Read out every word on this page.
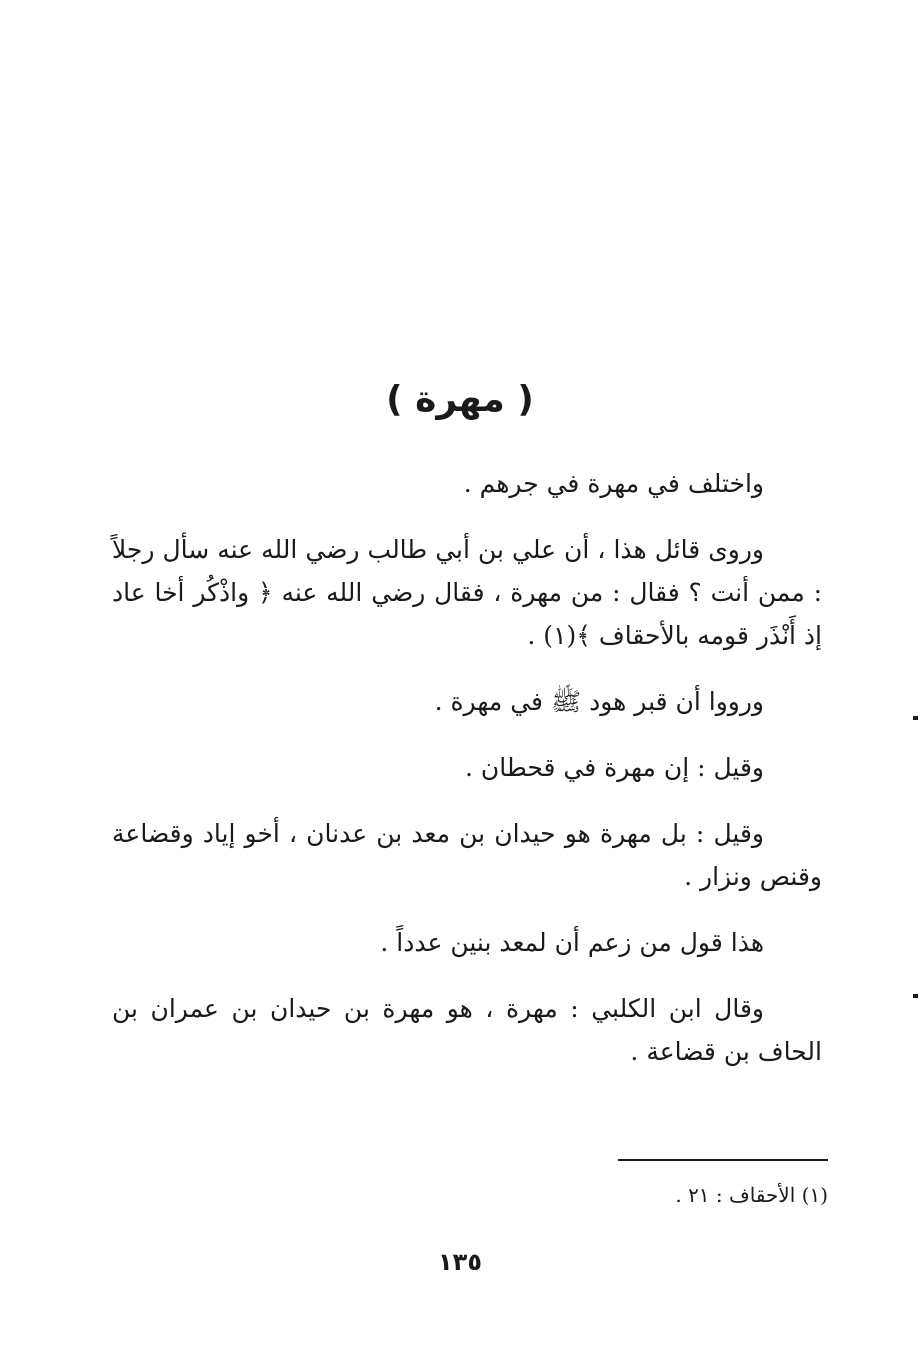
( مهرة )

واختلف في مهرة في جرهم .

وروى قائل هذا ، أن علي بن أبي طالب رضي الله عنه سأل رجلاً : ممن أنت ؟ فقال : من مهرة ، فقال رضي الله عنه ﴿ واذْكُر أخا عاد إذ أَنْذَر قومه بالأحقاف ﴾(١) .

ورووا أن قبر هود ﷺ في مهرة .

وقيل : إن مهرة في قحطان .

وقيل : بل مهرة هو حيدان بن معد بن عدنان ، أخو إياد وقضاعة وقنص ونزار .

هذا قول من زعم أن لمعد بنين عدداً .

وقال ابن الكلبي : مهرة ، هو مهرة بن حيدان بن عمران بن الحاف بن قضاعة .

(١) الأحقاف : ٢١ .
١٣٥
